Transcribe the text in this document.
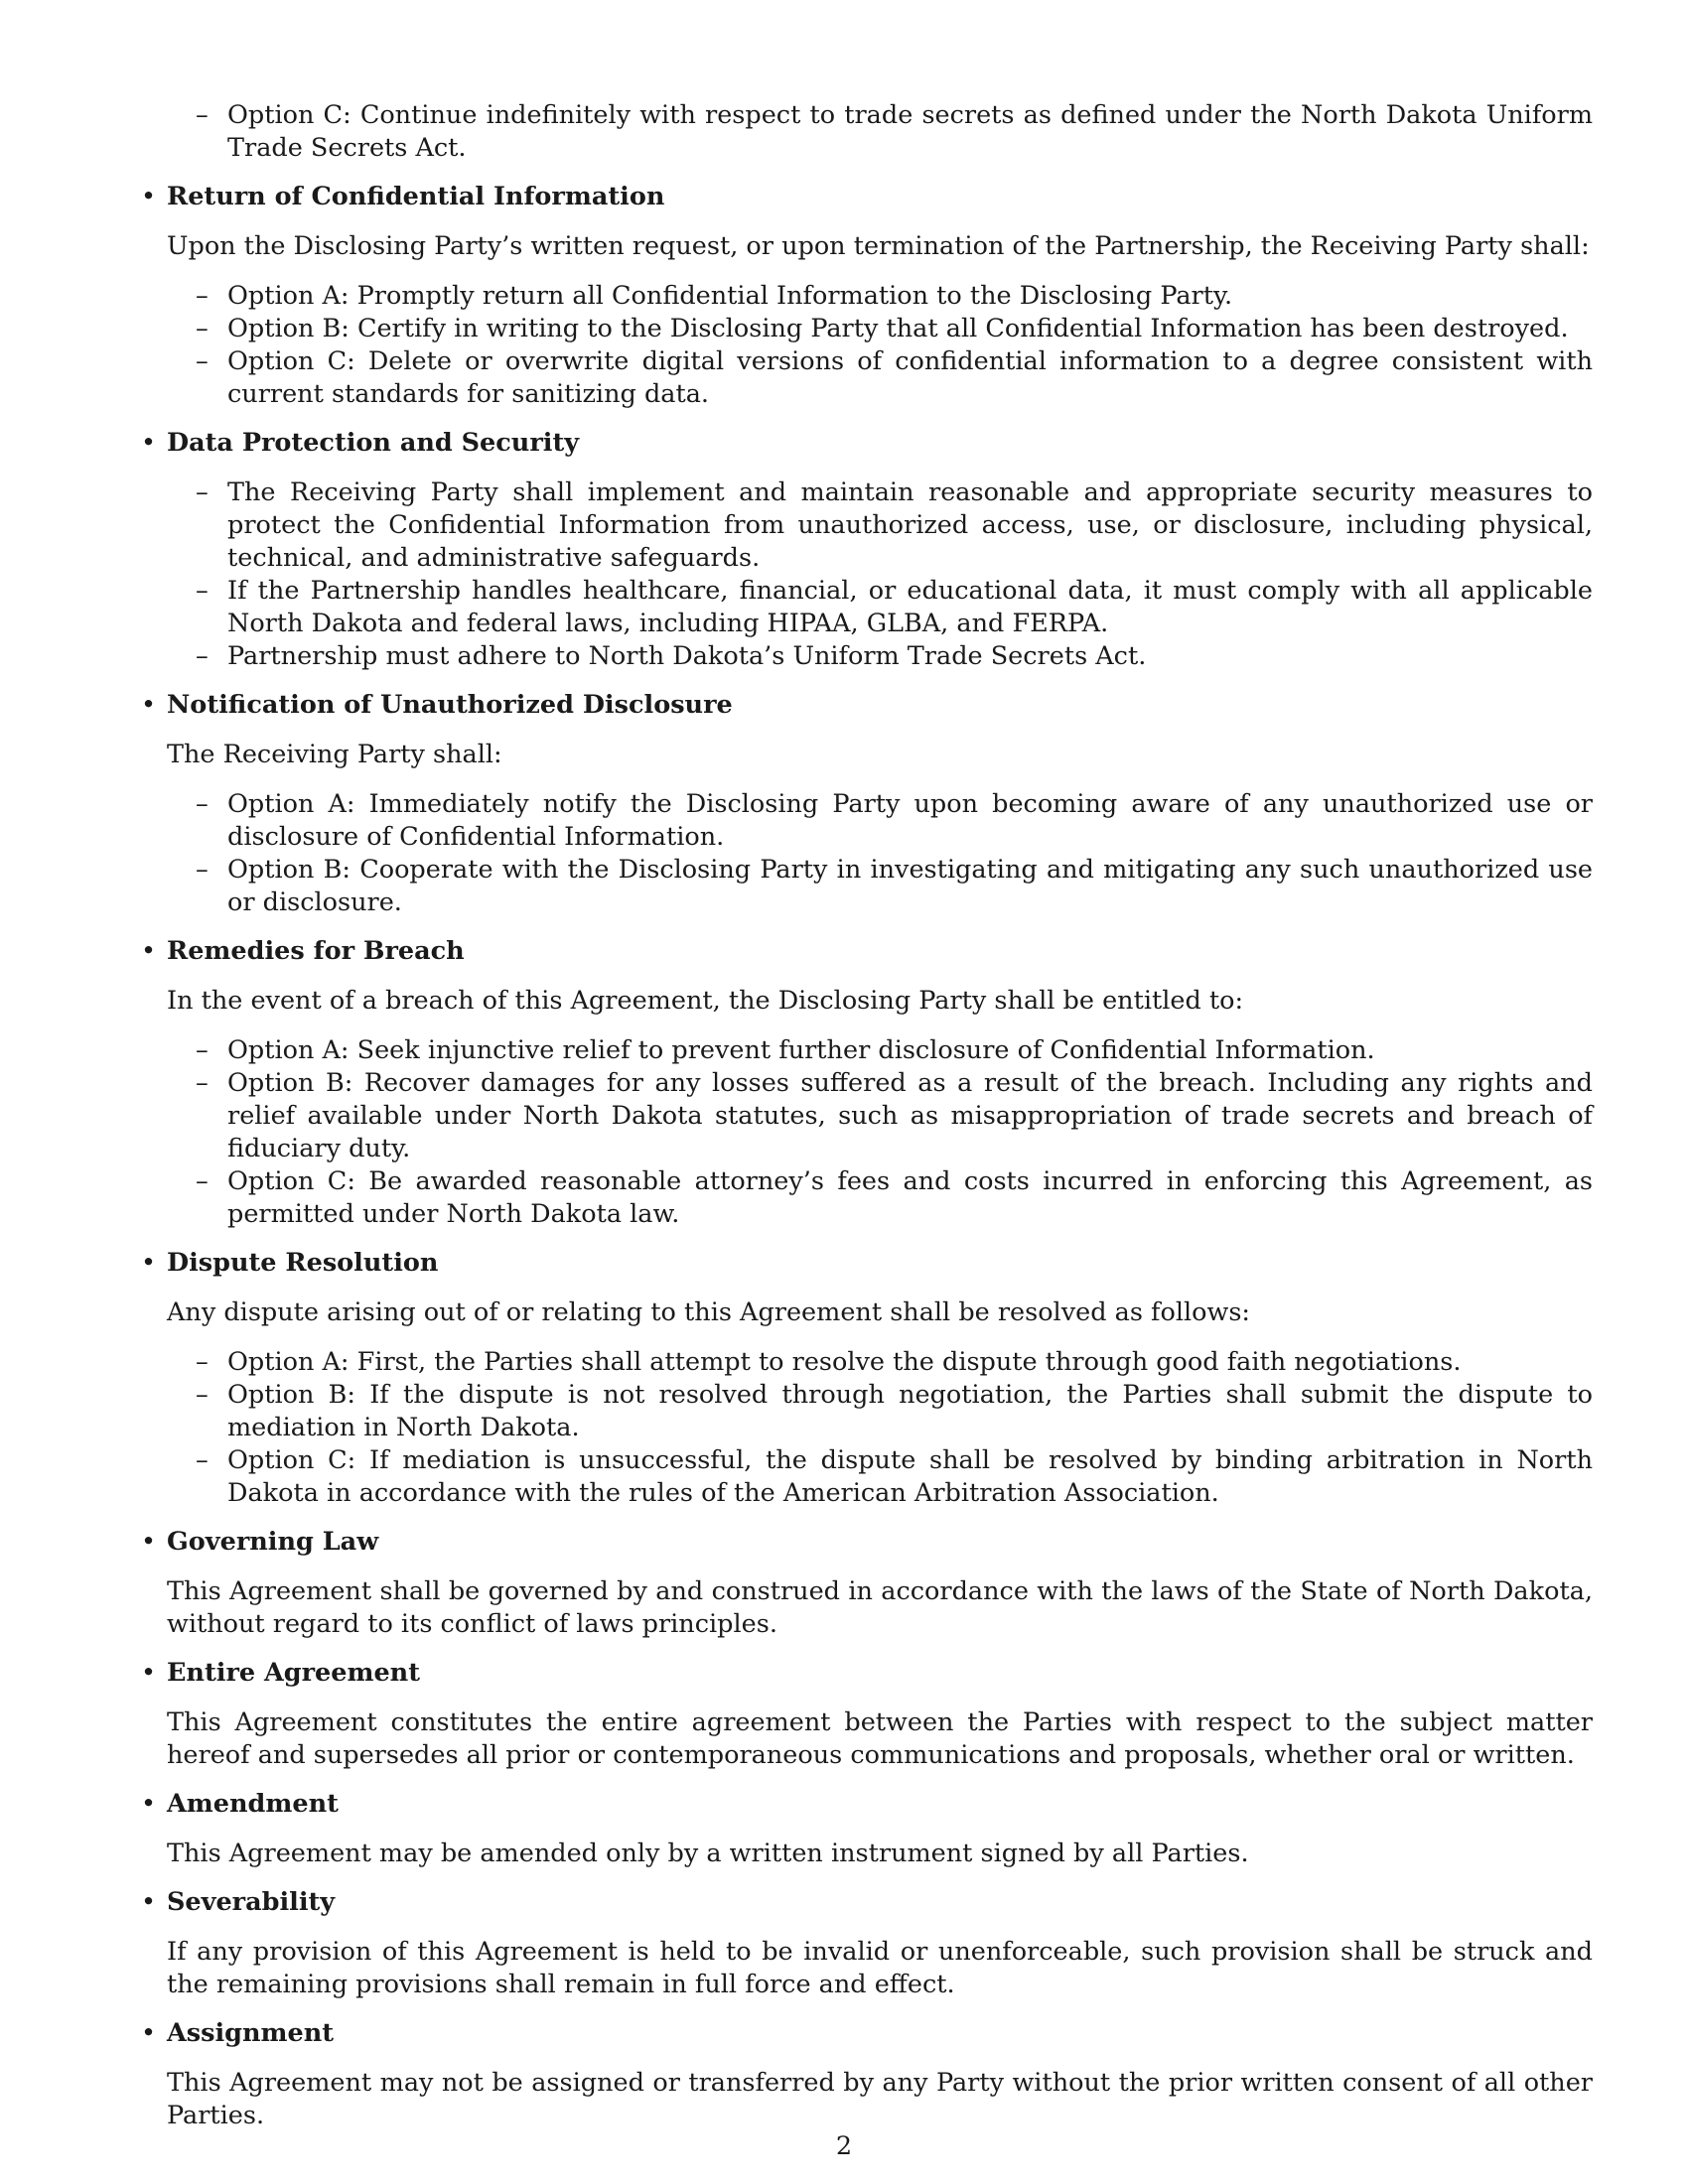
– Option C: Continue indefinitely with respect to trade secrets as defined under the North Dakota Uniform Trade Secrets Act.
• Return of Confidential Information

Upon the Disclosing Party’s written request, or upon termination of the Partnership, the Receiving Party shall:

– Option A: Promptly return all Confidential Information to the Disclosing Party.
– Option B: Certify in writing to the Disclosing Party that all Confidential Information has been destroyed.
– Option C: Delete or overwrite digital versions of confidential information to a degree consistent with current standards for sanitizing data.
• Data Protection and Security

– The Receiving Party shall implement and maintain reasonable and appropriate security measures to protect the Confidential Information from unauthorized access, use, or disclosure, including physical, technical, and administrative safeguards.
– If the Partnership handles healthcare, financial, or educational data, it must comply with all applicable North Dakota and federal laws, including HIPAA, GLBA, and FERPA.
– Partnership must adhere to North Dakota’s Uniform Trade Secrets Act.
• Notification of Unauthorized Disclosure

The Receiving Party shall:

– Option A: Immediately notify the Disclosing Party upon becoming aware of any unauthorized use or disclosure of Confidential Information.
– Option B: Cooperate with the Disclosing Party in investigating and mitigating any such unauthorized use or disclosure.
• Remedies for Breach

In the event of a breach of this Agreement, the Disclosing Party shall be entitled to:

– Option A: Seek injunctive relief to prevent further disclosure of Confidential Information.
– Option B: Recover damages for any losses suffered as a result of the breach. Including any rights and relief available under North Dakota statutes, such as misappropriation of trade secrets and breach of fiduciary duty.
– Option C: Be awarded reasonable attorney’s fees and costs incurred in enforcing this Agreement, as permitted under North Dakota law.
• Dispute Resolution

Any dispute arising out of or relating to this Agreement shall be resolved as follows:

– Option A: First, the Parties shall attempt to resolve the dispute through good faith negotiations.
– Option B: If the dispute is not resolved through negotiation, the Parties shall submit the dispute to mediation in North Dakota.
– Option C: If mediation is unsuccessful, the dispute shall be resolved by binding arbitration in North Dakota in accordance with the rules of the American Arbitration Association.
• Governing Law

This Agreement shall be governed by and construed in accordance with the laws of the State of North Dakota, without regard to its conflict of laws principles.

• Entire Agreement

This Agreement constitutes the entire agreement between the Parties with respect to the subject matter hereof and supersedes all prior or contemporaneous communications and proposals, whether oral or written.

• Amendment

This Agreement may be amended only by a written instrument signed by all Parties.

• Severability

If any provision of this Agreement is held to be invalid or unenforceable, such provision shall be struck and the remaining provisions shall remain in full force and effect.

• Assignment

This Agreement may not be assigned or transferred by any Party without the prior written consent of all other Parties.

2
